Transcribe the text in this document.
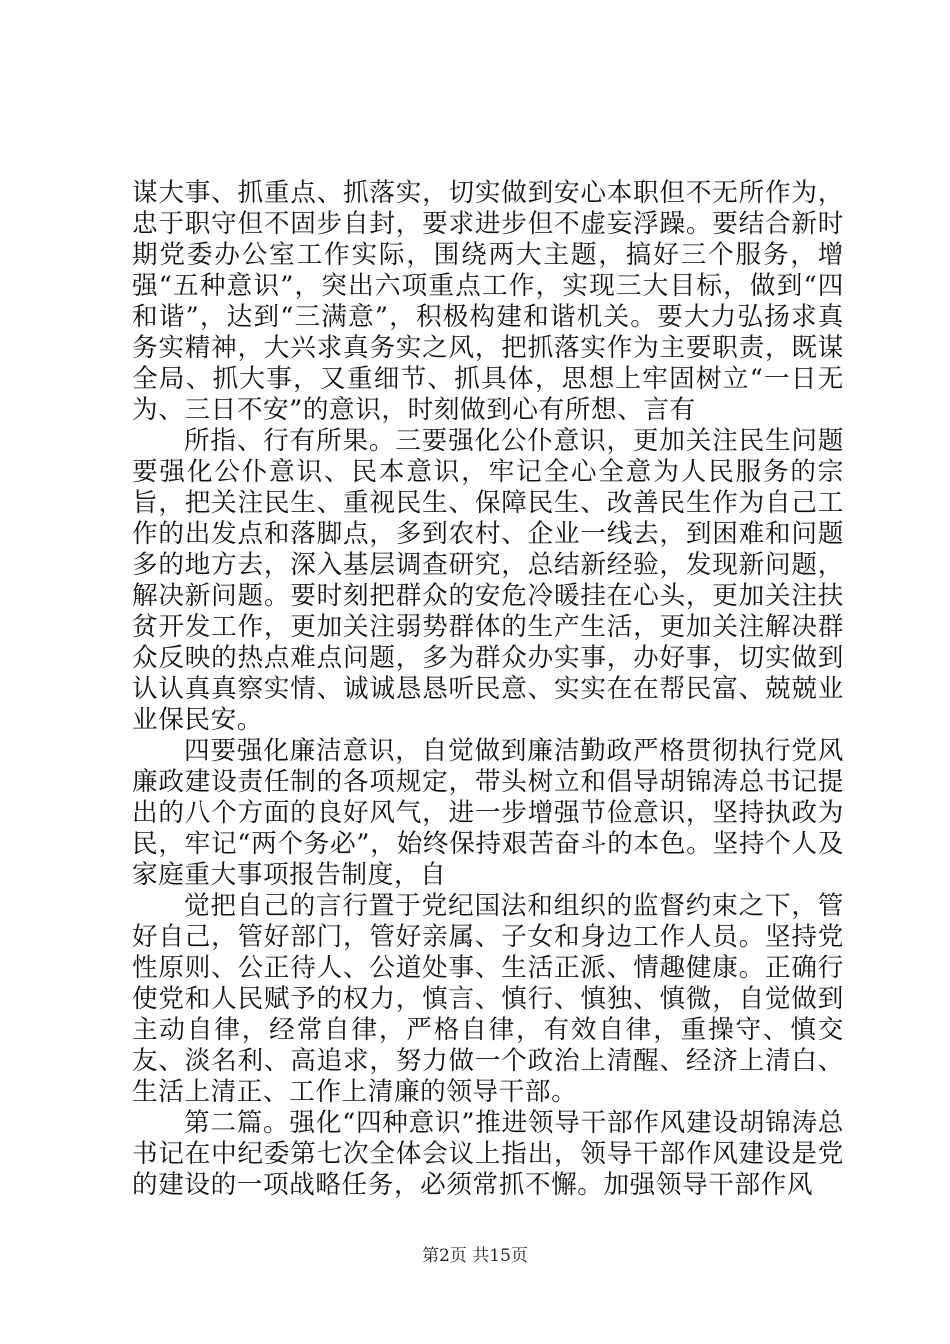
谋大事、抓重点、抓落实，切实做到安心本职但不无所作为，忠于职守但不固步自封，要求进步但不虚妄浮躁。要结合新时期党委办公室工作实际，围绕两大主题，搞好三个服务，增强“五种意识”，突出六项重点工作，实现三大目标，做到“四和谐”，达到“三满意”，积极构建和谐机关。要大力弘扬求真务实精神，大兴求真务实之风，把抓落实作为主要职责，既谋全局、抓大事，又重细节、抓具体，思想上牢固树立“一日无为、三日不安”的意识，时刻做到心有所想、言有

所指、行有所果。三要强化公仆意识，更加关注民生问题要强化公仆意识、民本意识，牢记全心全意为人民服务的宗旨，把关注民生、重视民生、保障民生、改善民生作为自己工作的出发点和落脚点，多到农村、企业一线去，到困难和问题多的地方去，深入基层调查研究，总结新经验，发现新问题，解决新问题。要时刻把群众的安危冷暖挂在心头，更加关注扶贫开发工作，更加关注弱势群体的生产生活，更加关注解决群众反映的热点难点问题，多为群众办实事，办好事，切实做到认认真真察实情、诚诚恳恳听民意、实实在在帮民富、兢兢业业保民安。

四要强化廉洁意识，自觉做到廉洁勤政严格贯彻执行党风廉政建设责任制的各项规定，带头树立和倡导胡锦涛总书记提出的八个方面的良好风气，进一步增强节俭意识，坚持执政为民，牢记“两个务必”，始终保持艰苦奋斗的本色。坚持个人及家庭重大事项报告制度，自

觉把自己的言行置于党纪国法和组织的监督约束之下，管好自己，管好部门，管好亲属、子女和身边工作人员。坚持党性原则、公正待人、公道处事、生活正派、情趣健康。正确行使党和人民赋予的权力，慎言、慎行、慎独、慎微，自觉做到主动自律，经常自律，严格自律，有效自律，重操守、慎交友、淡名利、高追求，努力做一个政治上清醒、经济上清白、生活上清正、工作上清廉的领导干部。

第二篇。强化“四种意识”推进领导干部作风建设胡锦涛总书记在中纪委第七次全体会议上指出，领导干部作风建设是党的建设的一项战略任务，必须常抓不懈。加强领导干部作风

第2页 共15页
